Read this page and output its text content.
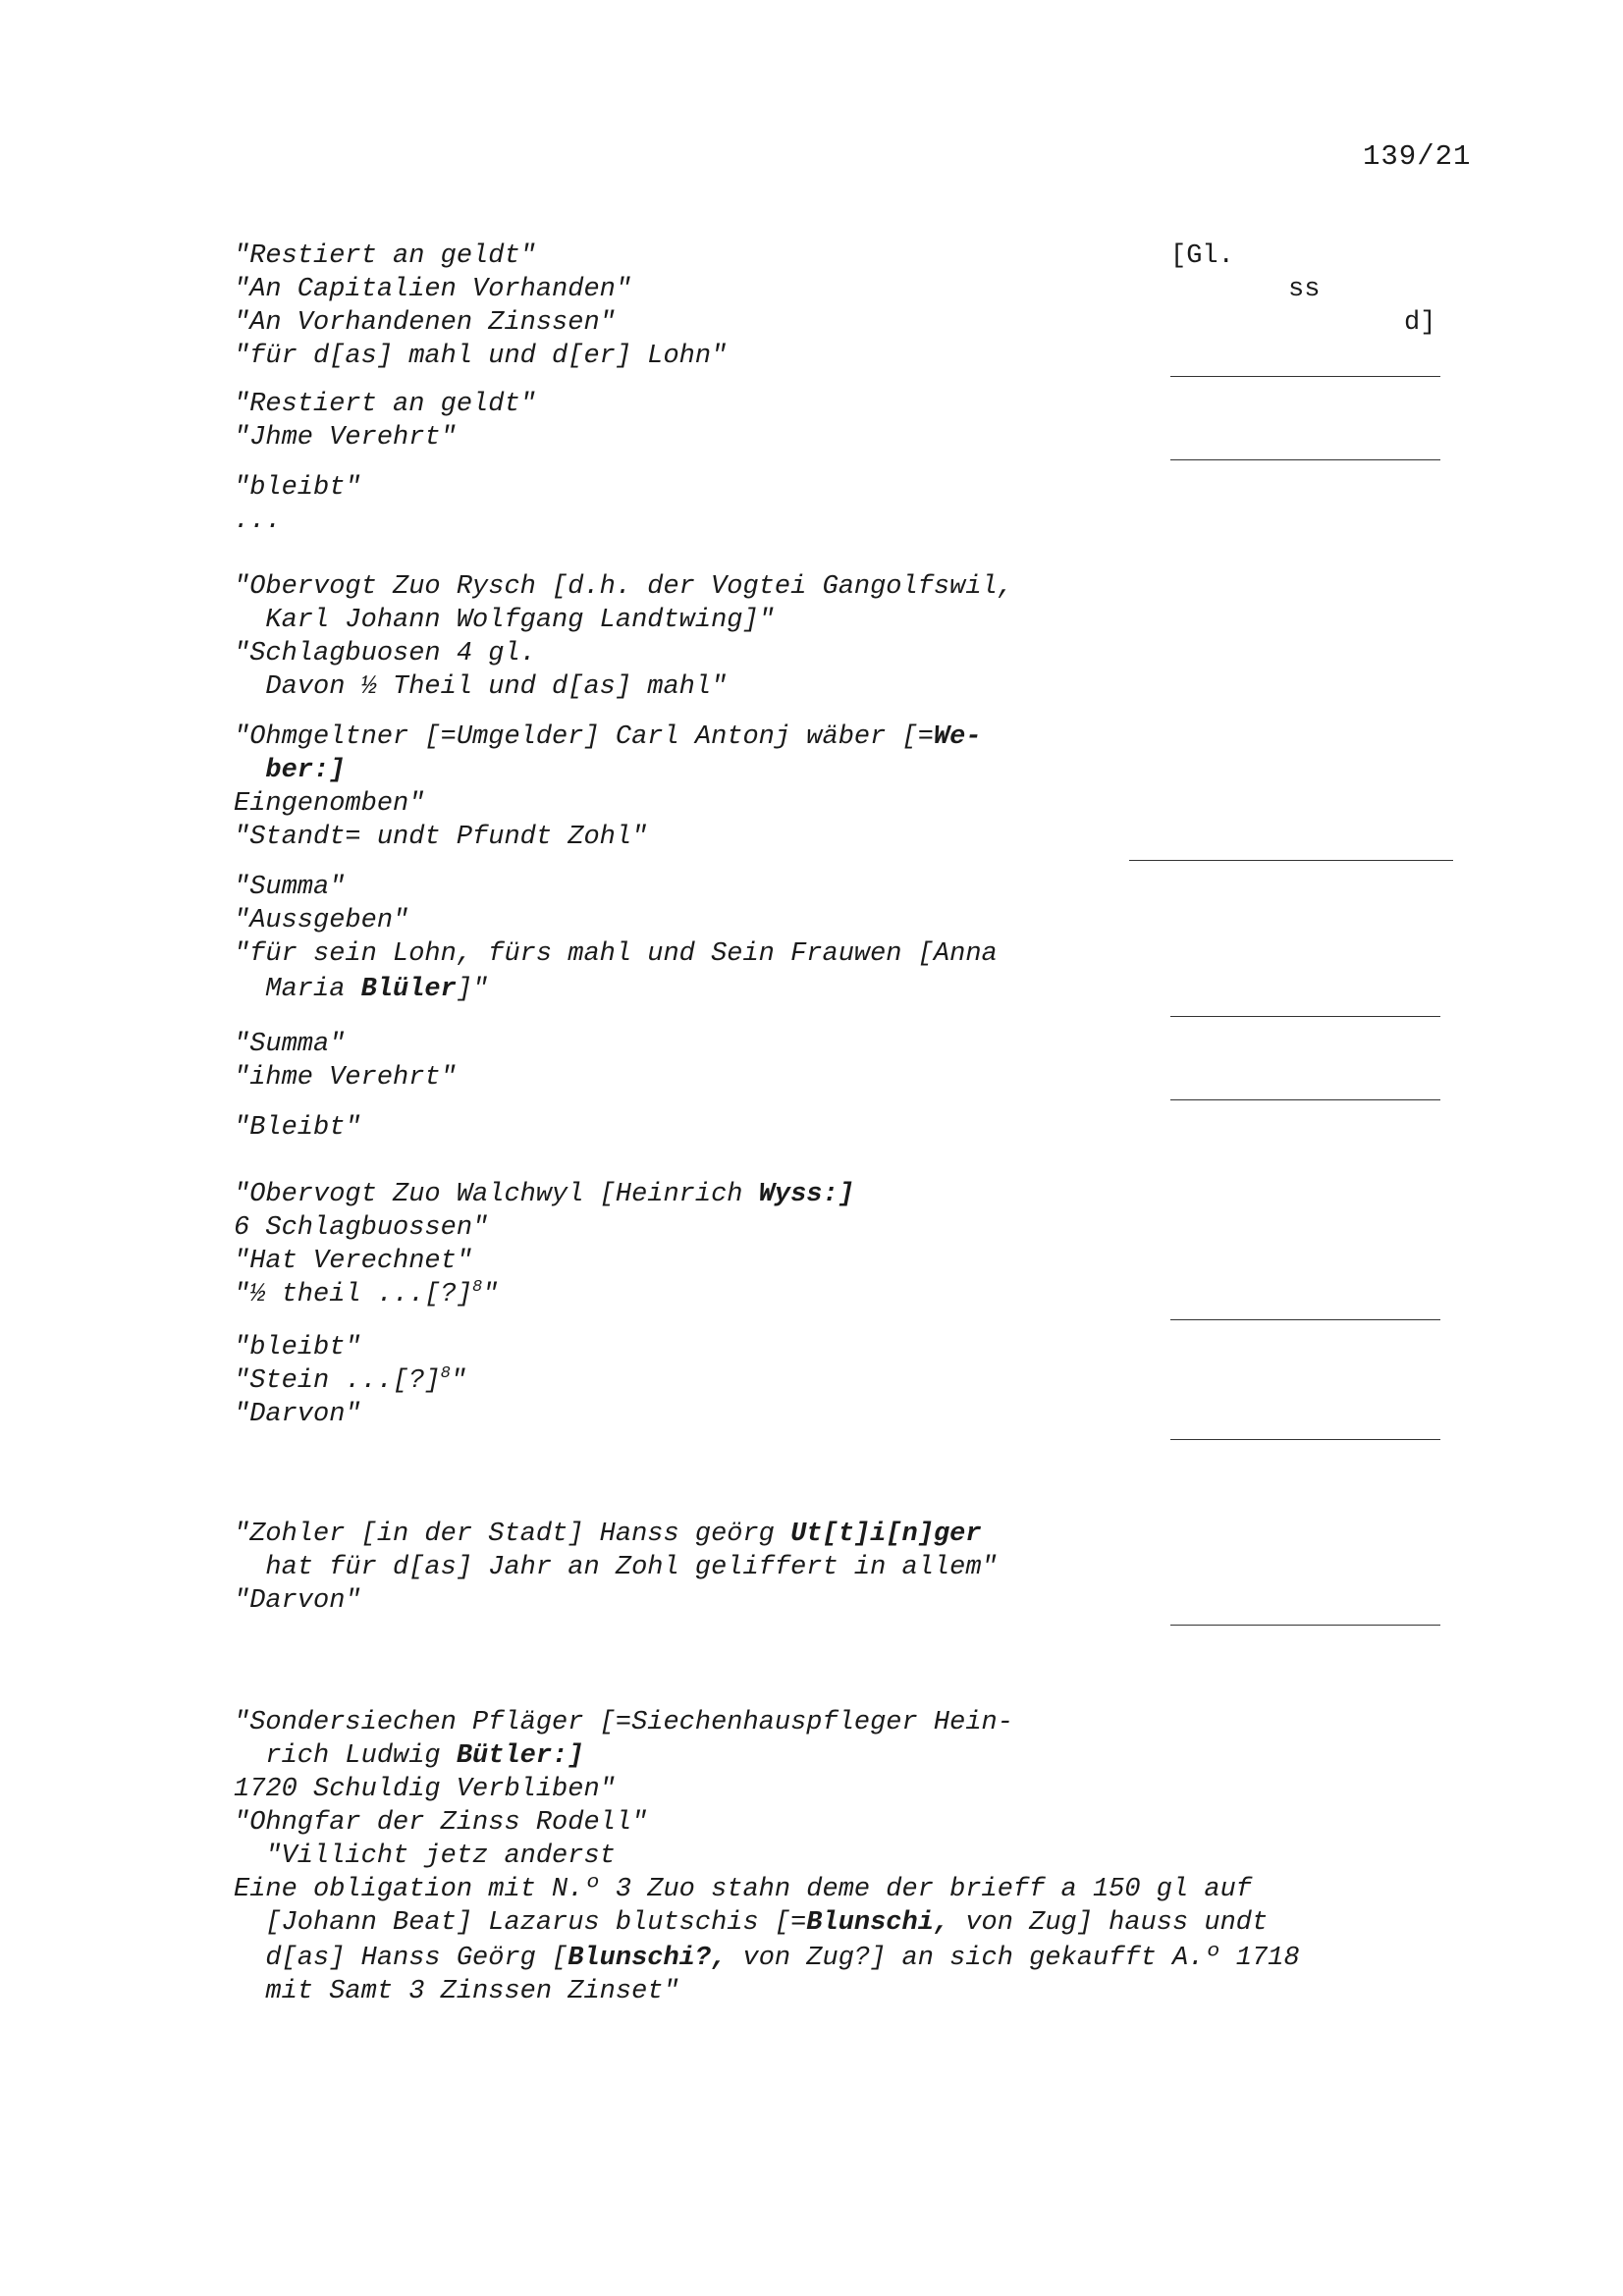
139/21

[Gl.

ss

d]

"Restiert an geldt"
"An Capitalien Vorhanden"
"An Vorhandenen Zinssen"
"für d[as] mahl und d[er] Lohn"
"Restiert an geldt"
"Jhme Verehrt"
"bleibt"
...
"Obervogt Zuo Rysch [d.h. der Vogtei Gangolfswil,
Karl Johann Wolfgang Landtwing]"
"Schlagbuosen 4 gl.
Davon ½ Theil und d[as] mahl"
"Ohmgeltner [=Umgelder] Carl Antonj wäber [=We-
ber:]
Eingenomben"
"Standt= undt Pfundt Zohl"
"Summa"
"Aussgeben"
"für sein Lohn, fürs mahl und Sein Frauwen [Anna
Maria Blüler]"
"Summa"
"ihme Verehrt"
"Bleibt"
"Obervogt Zuo Walchwyl [Heinrich Wyss:]
6 Schlagbuossen"
"Hat Verechnet"
"½ theil ...[?]$^8$"
"bleibt"
"Stein ...[?]$^8$"
"Darvon"
"Zohler [in der Stadt] Hanss geörg Ut[t]i[n]ger
hat für d[as] Jahr an Zohl geliffert in allem"
"Darvon"
"Sondersiechen Pfläger [=Siechenhauspfleger Hein-
rich Ludwig Bütler:]
1720 Schuldig Verbliben"
"Ohngfar der Zinss Rodell"
"Villicht jetz anderst
Eine obligation mit N.º 3 Zuo stahn deme der brieff a 150 gl auf
[Johann Beat] Lazarus blutschis [=Blunschi, von Zug] hauss undt
d[as] Hanss Geörg [Blunschi?, von Zug?] an sich gekaufft A.º 1718
mit Samt 3 Zinssen Zinset"
